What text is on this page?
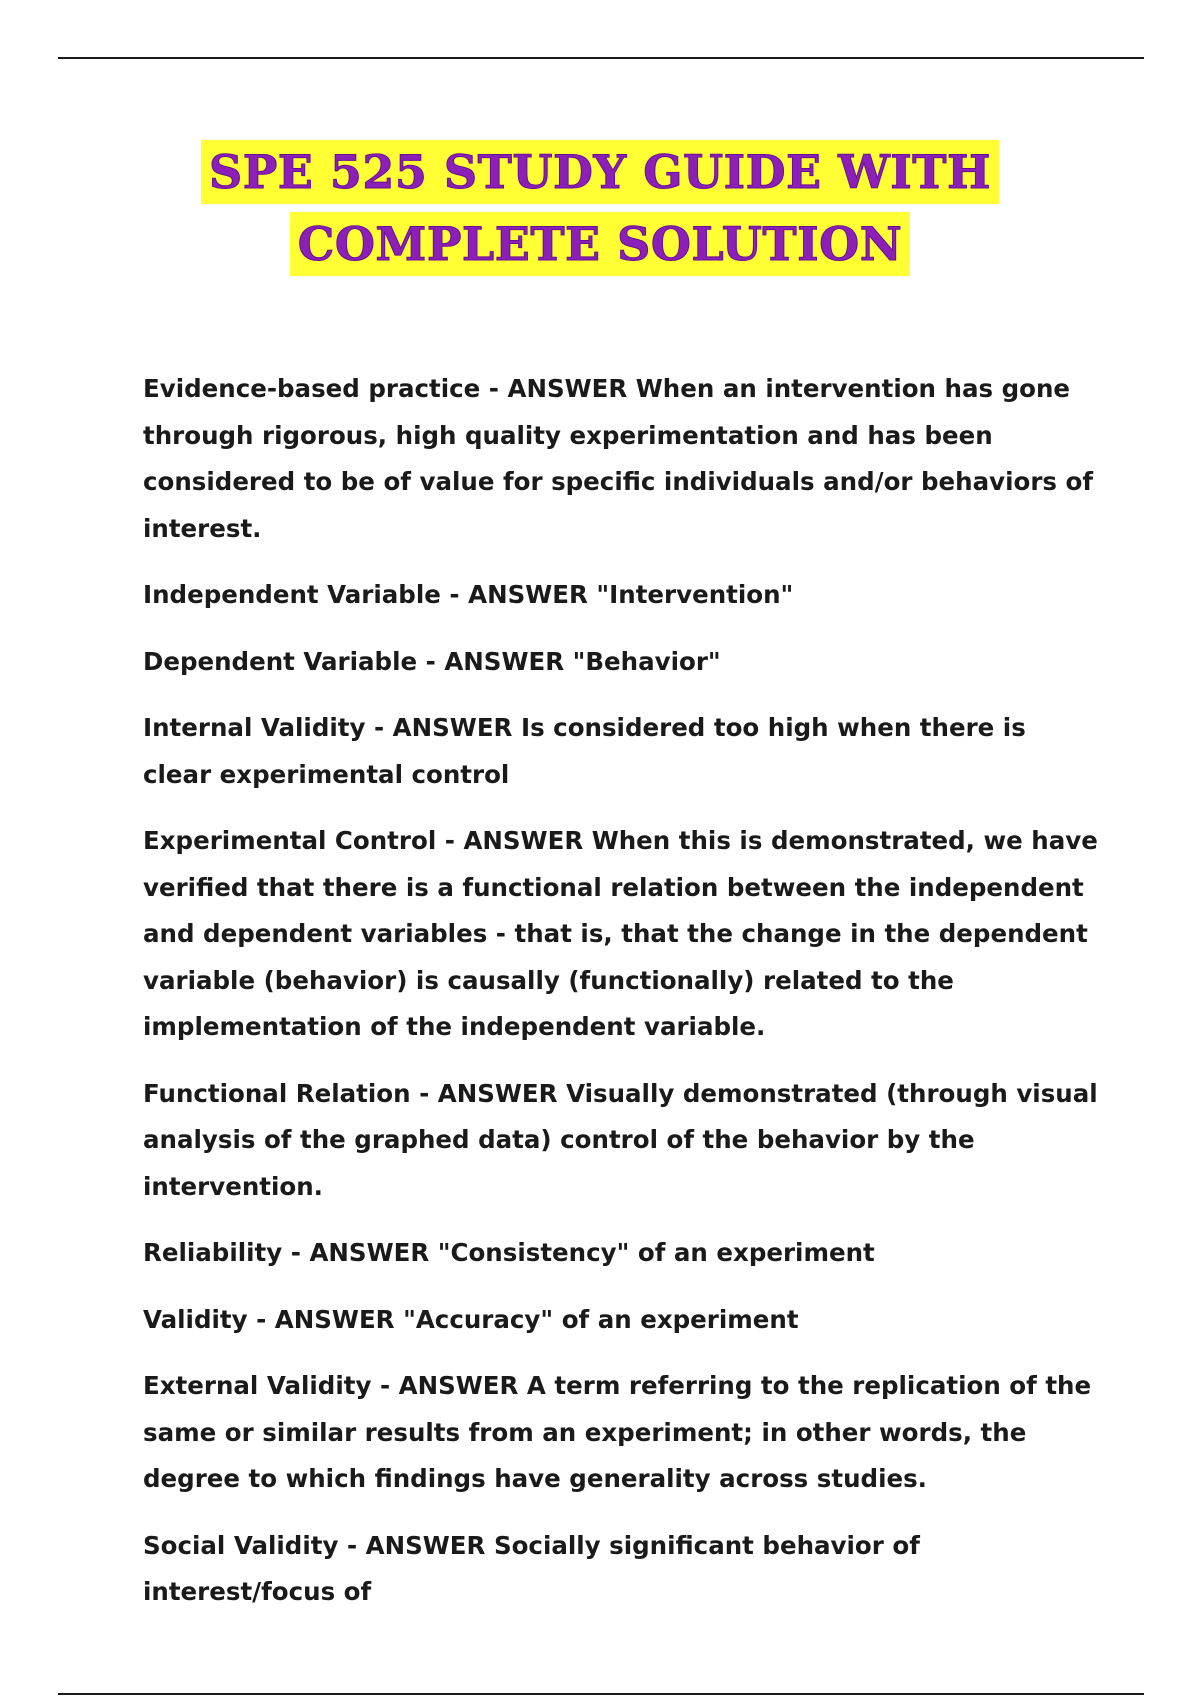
SPE 525 STUDY GUIDE WITH
COMPLETE SOLUTION

Evidence-based practice - ANSWER When an intervention has gone through rigorous, high quality experimentation and has been considered to be of value for specific individuals and/or behaviors of interest.

Independent Variable - ANSWER "Intervention"

Dependent Variable - ANSWER "Behavior"

Internal Validity - ANSWER Is considered too high when there is clear experimental control

Experimental Control - ANSWER When this is demonstrated, we have verified that there is a functional relation between the independent and dependent variables - that is, that the change in the dependent variable (behavior) is causally (functionally) related to the implementation of the independent variable.

Functional Relation - ANSWER Visually demonstrated (through visual analysis of the graphed data) control of the behavior by the intervention.

Reliability - ANSWER "Consistency" of an experiment

Validity - ANSWER "Accuracy" of an experiment

External Validity - ANSWER A term referring to the replication of the same or similar results from an experiment; in other words, the degree to which findings have generality across studies.

Social Validity - ANSWER Socially significant behavior of interest/focus of
